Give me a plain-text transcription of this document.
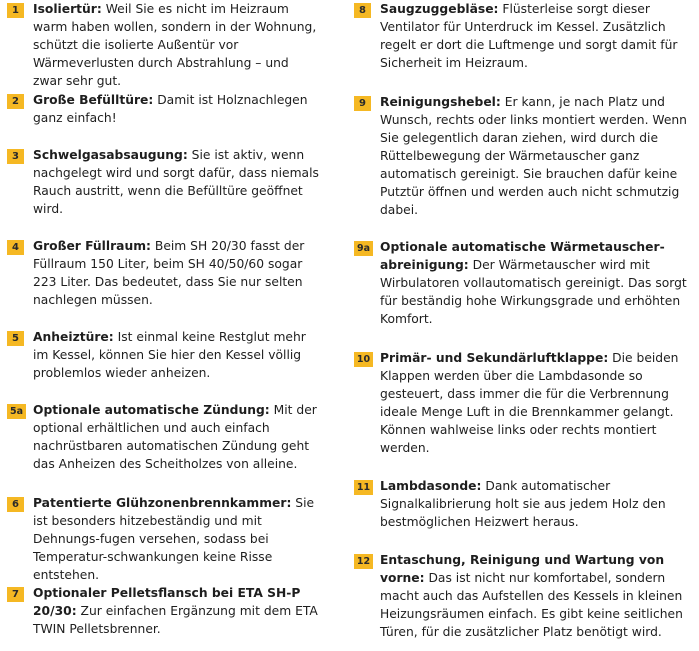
1	Isoliertür: Weil Sie es nicht im Heizraum warm haben wollen, sondern in der Wohnung, schützt die isolierte Außentür vor Wärmeverlusten durch Abstrahlung – und zwar sehr gut.
2	Große Befülltüre: Damit ist Holznachlegen ganz einfach!
3	Schwelgasabsaugung: Sie ist aktiv, wenn nachgelegt wird und sorgt dafür, dass niemals Rauch austritt, wenn die Befülltüre geöffnet wird.
4	Großer Füllraum: Beim SH 20/30 fasst der Füllraum 150 Liter, beim SH 40/50/60 sogar 223 Liter. Das bedeutet, dass Sie nur selten nachlegen müssen.
5	Anheiztüre: Ist einmal keine Restglut mehr im Kessel, können Sie hier den Kessel völlig problemlos wieder anheizen.
5a Optionale automatische Zündung: Mit der optional erhältlichen und auch einfach nachrüstbaren automatischen Zündung geht das Anheizen des Scheitholzes von alleine.
6	Patentierte Glühzonenbrennkammer: Sie ist besonders hitzebeständig und mit Dehnungs-fugen versehen, sodass bei Temperatur-schwankungen keine Risse entstehen.
7	Optionaler Pelletsflansch bei ETA SH-P 20/30: Zur einfachen Ergänzung mit dem ETA TWIN Pelletsbrenner.
8	Saugzuggebläse: Flüsterleise sorgt dieser Ventilator für Unterdruck im Kessel. Zusätzlich regelt er dort die Luftmenge und sorgt damit für Sicherheit im Heizraum.
9	Reinigungshebel: Er kann, je nach Platz und Wunsch, rechts oder links montiert werden. Wenn Sie gelegentlich daran ziehen, wird durch die Rüttelbewegung der Wärmetauscher ganz automatisch gereinigt. Sie brauchen dafür keine Putztür öffnen und werden auch nicht schmutzig dabei.
9a Optionale automatische Wärmetauscher-abreinigung: Der Wärmetauscher wird mit Wirbulatoren vollautomatisch gereinigt. Das sorgt für beständig hohe Wirkungsgrade und erhöhten Komfort.
10 Primär- und Sekundärluftklappe: Die beiden Klappen werden über die Lambdasonde so gesteuert, dass immer die für die Verbrennung ideale Menge Luft in die Brennkammer gelangt. Können wahlweise links oder rechts montiert werden.
11 Lambdasonde: Dank automatischer Signalkalibrierung holt sie aus jedem Holz den bestmöglichen Heizwert heraus.
12 Entaschung, Reinigung und Wartung von vorne: Das ist nicht nur komfortabel, sondern macht auch das Aufstellen des Kessels in kleinen Heizungsräumen einfach. Es gibt keine seitlichen Türen, für die zusätzlicher Platz benötigt wird.
